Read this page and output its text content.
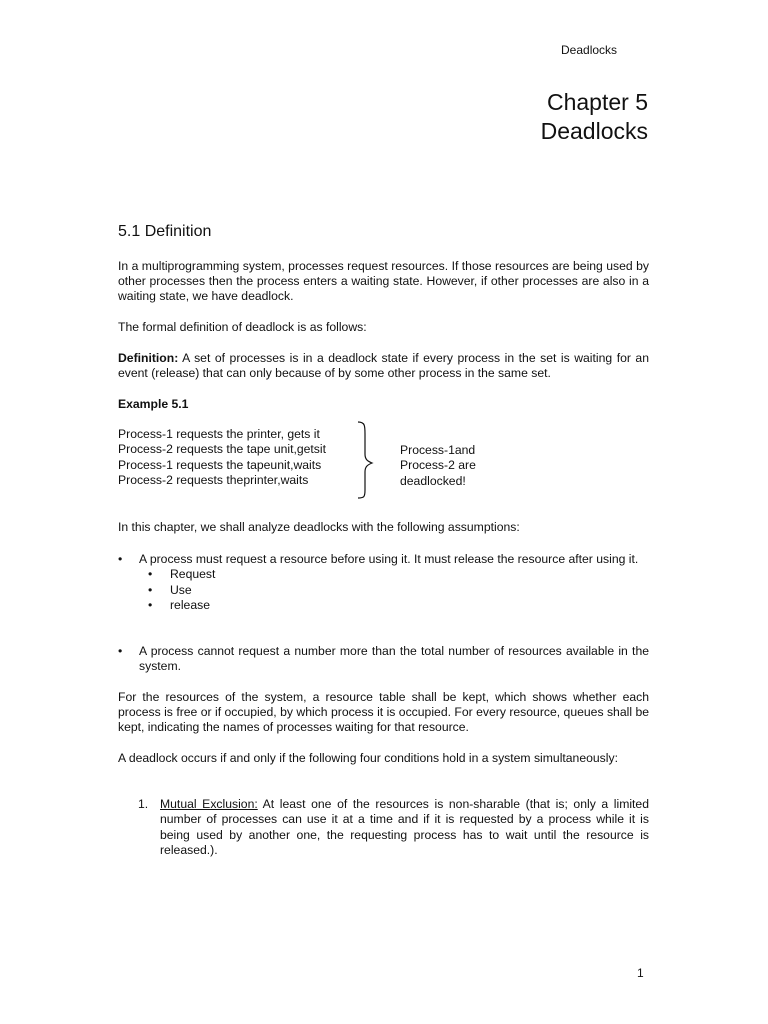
Deadlocks
Chapter 5
Deadlocks
5.1 Definition
In a multiprogramming system, processes request resources. If those resources are being used by other processes then the process enters a waiting state. However, if other processes are also in a waiting state, we have deadlock.
The formal definition of deadlock is as follows:
Definition: A set of processes is in a deadlock state if every process in the set is waiting for an event (release) that can only because of by some other process in the same set.
Example 5.1
Process-1 requests the printer, gets it
Process-2 requests the tape unit,getsit
Process-1 requests the tapeunit,waits
Process-2 requests theprinter,waits
Process-1and
Process-2 are
deadlocked!
In this chapter, we shall analyze deadlocks with the following assumptions:
• A process must request a resource before using it. It must release the resource after using it.
• Request
• Use
• release
• A process cannot request a number more than the total number of resources available in the system.
For the resources of the system, a resource table shall be kept, which shows whether each process is free or if occupied, by which process it is occupied. For every resource, queues shall be kept, indicating the names of processes waiting for that resource.
A deadlock occurs if and only if the following four conditions hold in a system simultaneously:
1. Mutual Exclusion: At least one of the resources is non-sharable (that is; only a limited number of processes can use it at a time and if it is requested by a process while it is being used by another one, the requesting process has to wait until the resource is released.).
1
